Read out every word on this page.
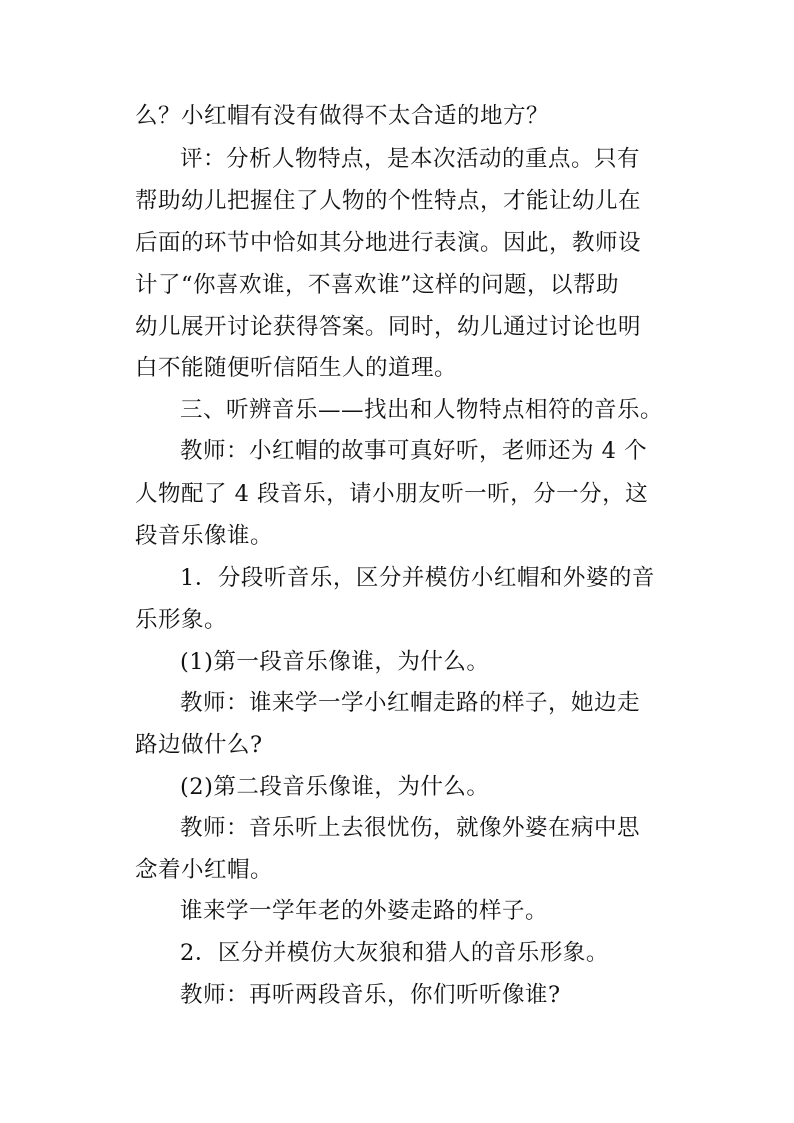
么？小红帽有没有做得不太合适的地方？
评：分析人物特点，是本次活动的重点。只有
帮助幼儿把握住了人物的个性特点，才能让幼儿在
后面的环节中恰如其分地进行表演。因此，教师设
计了“你喜欢谁，不喜欢谁”这样的问题，以帮助
幼儿展开讨论获得答案。同时，幼儿通过讨论也明
白不能随便听信陌生人的道理。
三、听辨音乐——找出和人物特点相符的音乐。
教师：小红帽的故事可真好听，老师还为 4 个
人物配了 4 段音乐，请小朋友听一听，分一分，这
段音乐像谁。
1．分段听音乐，区分并模仿小红帽和外婆的音
乐形象。
(1)第一段音乐像谁，为什么。
教师：谁来学一学小红帽走路的样子，她边走
路边做什么?
(2)第二段音乐像谁，为什么。
教师：音乐听上去很忧伤，就像外婆在病中思
念着小红帽。
谁来学一学年老的外婆走路的样子。
2．区分并模仿大灰狼和猎人的音乐形象。
教师：再听两段音乐，你们听听像谁?
